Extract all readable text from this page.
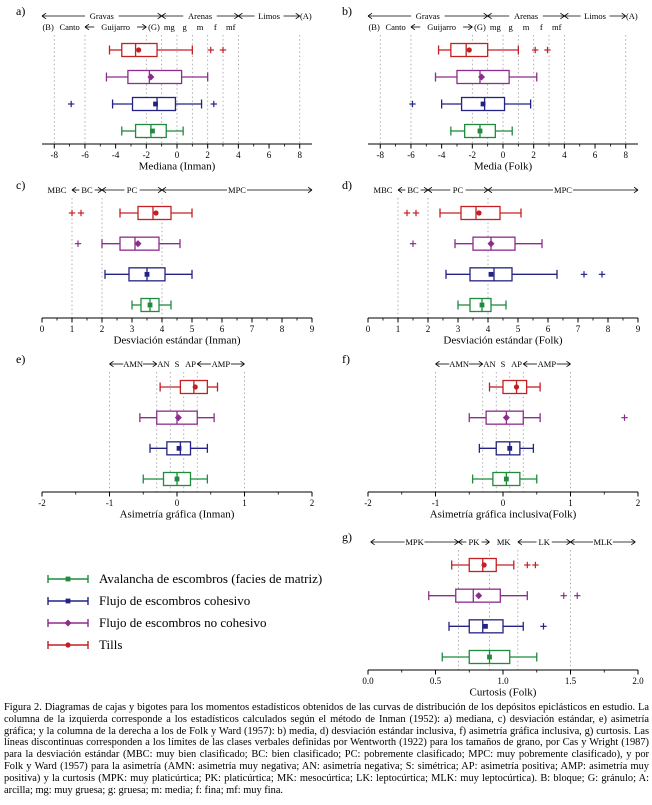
-8	-6	-4	-2	0	2	4	6	8
Mediana (Inman)
a)	Gravas	Arenas	Limos (A)
(B) Canto	Guijarro (G) mg g m f mf
-8	-6	-4	-2	0	2	4	6	8
Media (Folk)
b)	Gravas	Arenas	Limos (A)
(B) Canto	Guijarro (G) mg g m f mf
0	1	2	3	4	5	6	7	8	9
Desviación estándar (Inman)
c)	MBC BC	PC	MPC
0	1	2	3	4	5	6	7	8	9
Desviación estándar (Folk)
d)	MBC BC	PC	MPC
-2	-1	0	1	2
Asimetría gráfica (Inman)
e)	AMN	AMP
AN S AP
-2	-1	0	1	2
Asimetría gráfica inclusiva(Folk)
f)	AMN	AMP
AN S AP
0.0	0.5	1.0	1.5	2.0
Curtosis (Folk)
g)	MPK	PK MK	LK	MLK
Avalancha de escombros (facies de matriz)
Flujo de escombros cohesivo
Flujo de escombros no cohesivo
Tills
Figura 2. Diagramas de cajas y bigotes para los momentos estadísticos obtenidos de las curvas de distribución de los depósitos epiclásticos en estudio. La columna de la izquierda corresponde a los estadísticos calculados según el método de Inman (1952): a) mediana, c) desviación estándar, e) asimetría gráfica; y la columna de la derecha a los de Folk y Ward (1957): b) media, d) desviación estándar inclusiva, f) asimetría gráfica inclusiva, g) curtosis. Las líneas discontinuas corresponden a los límites de las clases verbales definidas por Wentworth (1922) para los tamaños de grano, por Cas y Wright (1987) para la desviación estándar (MBC: muy bien clasificado; BC: bien clasificado; PC: pobremente clasificado; MPC: muy pobremente clasificado), y por Folk y Ward (1957) para la asimetría (AMN: asimetría muy negativa; AN: asimetría negativa; S: simétrica; AP: asimetría positiva; AMP: asimetría muy positiva) y la curtosis (MPK: muy platicúrtica; PK: platicúrtica; MK: mesocúrtica; LK: leptocúrtica; MLK: muy leptocúrtica). B: bloque; G: gránulo; A: arcilla; mg: muy gruesa; g: gruesa; m: media; f: fina; mf: muy fina.
